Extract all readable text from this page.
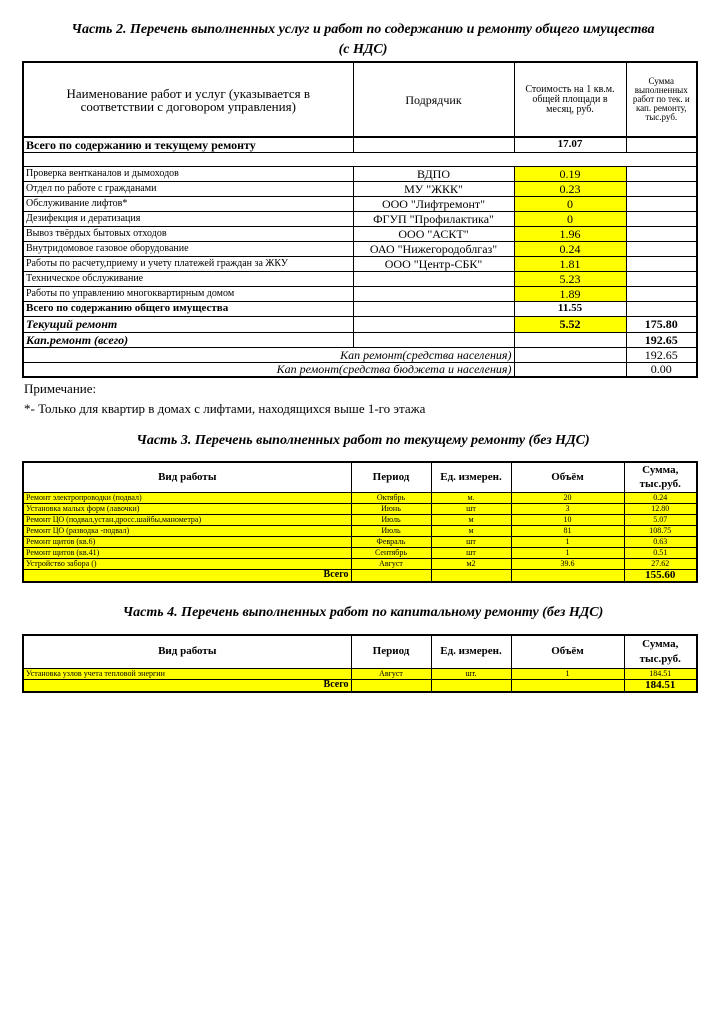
Часть 2. Перечень выполненных услуг и работ по содержанию и ремонту общего имущества
(с НДС)
Наименование работ и услуг (указывается в соответствии с договором управления)	Подрядчик	Стоимость на 1 кв.м. общей площади в месяц, руб.	Сумма выполненных работ по тек. и кап. ремонту, тыс.руб.
Всего по содержанию и текущему ремонту		17.07	

Проверка вентканалов и дымоходов	ВДПО	0.19	
Отдел по работе с гражданами	МУ "ЖКК"	0.23	
Обслуживание лифтов*	ООО "Лифтремонт"	0	
Дезифекция и дератизация	ФГУП "Профилактика"	0	
Вывоз твёрдых бытовых отходов	ООО "АСКТ"	1.96	
Внутридомовое газовое оборудование	ОАО "Нижегородоблгаз"	0.24	
Работы по расчету,приему и учету платежей граждан за ЖКУ	ООО "Центр-СБК"	1.81	
Техническое обслуживание		5.23	
Работы по управлению многоквартирным домом		1.89	
Всего по содержанию общего имущества		11.55	
Текущий ремонт		5.52	175.80
Кап.ремонт (всего)			192.65
Кап ремонт(средства населения)			192.65
Кап ремонт(средства бюджета и населения)			0.00
Примечание:
*- Только для квартир в домах с лифтами, находящихся выше 1-го этажа
Часть 3. Перечень выполненных работ по текущему ремонту (без НДС)
Вид работы	Период	Ед. измерен.	Объём	Сумма, тыс.руб.
Ремонт электропроводки (подвал)	Октябрь	м.	20	0.24
Установка малых форм (лавочки)	Июнь	шт	3	12.80
Ремонт ЦО (подвал,устан.дросс.шайбы,манометра)	Июль	м	10	5.07
Ремонт ЦО (разводка -подвал)	Июль	м	81	108.75
Ремонт щитов (кв.6)	Февраль	шт	1	0.63
Ремонт щитов (кв.41)	Сентябрь	шт	1	0.51
Устройство забора ()	Август	м2	39.6	27.62
Всего				155.60
Часть 4. Перечень выполненных работ по капитальному ремонту (без НДС)
Вид работы	Период	Ед. измерен.	Объём	Сумма, тыс.руб.
Установка узлов учета тепловой энергии	Август	шт.	1	184.51
Всего				184.51
